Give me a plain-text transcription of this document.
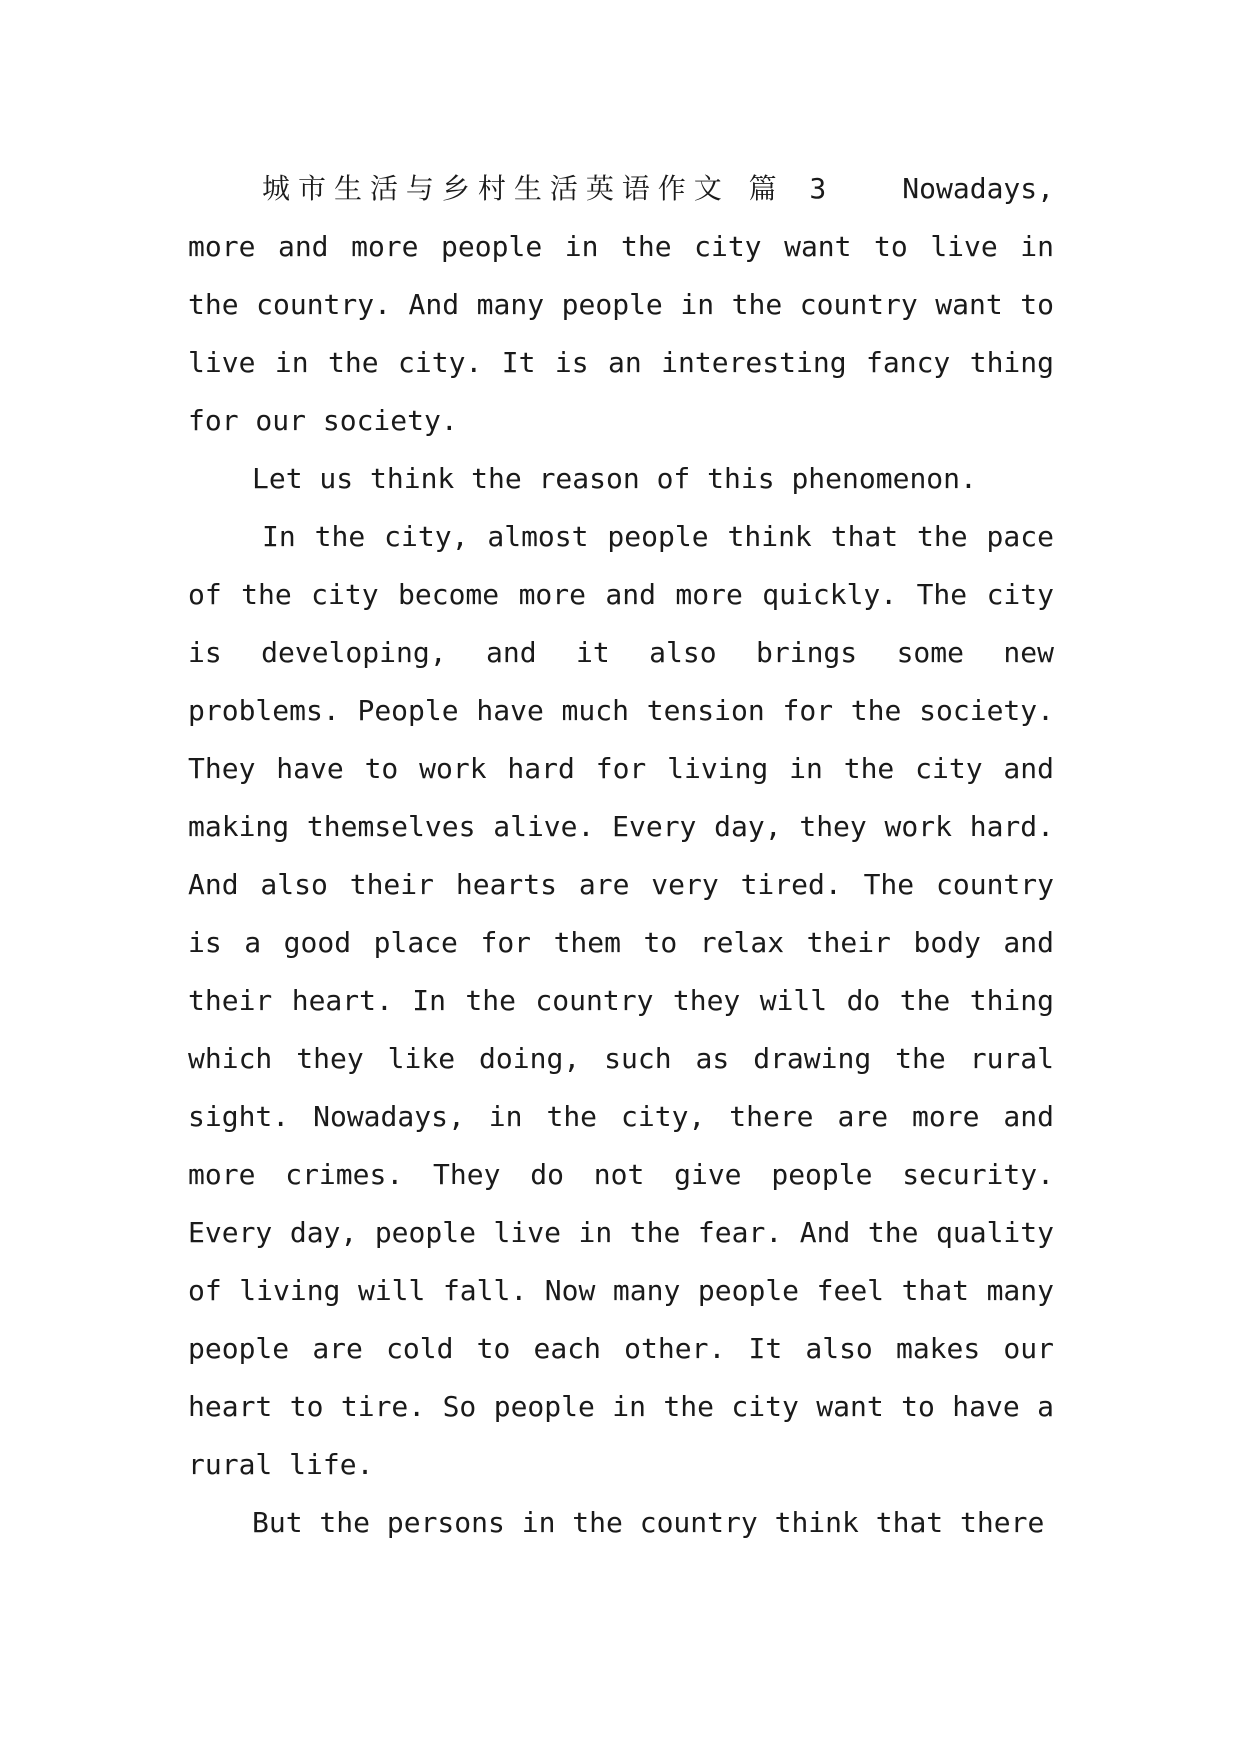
城市生活与乡村生活英语作文 篇 3	Nowadays, more and more people in the city want to live in the country. And many people in the country want to live in the city. It is an interesting fancy thing for our society.

Let us think the reason of this phenomenon.

In the city, almost people think that the pace of the city become more and more quickly. The city is developing, and it also brings some new problems. People have much tension for the society. They have to work hard for living in the city and making themselves alive. Every day, they work hard. And also their hearts are very tired. The country is a good place for them to relax their body and their heart. In the country they will do the thing which they like doing, such as drawing the rural sight. Nowadays, in the city, there are more and more crimes. They do not give people security. Every day, people live in the fear. And the quality of living will fall. Now many people feel that many people are cold to each other. It also makes our heart to tire. So people in the city want to have a rural life.

But the persons in the country think that there
